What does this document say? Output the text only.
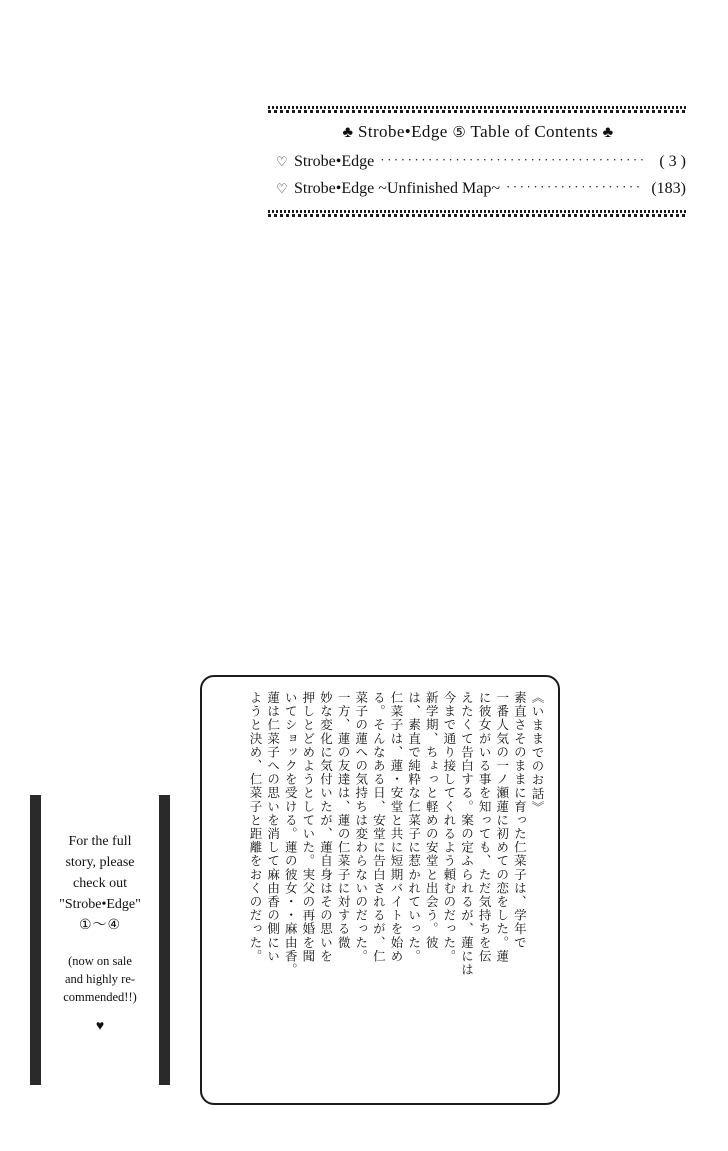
♣ Strobe•Edge ⑤ Table of Contents ♣
♡ Strobe•Edge ······································· ( 3 )
♡ Strobe•Edge ~Unfinished Map~ ···················· (183)
《いままでのお話》
素直さそのままに育った仁菜子は、学年で
一番人気の一ノ瀬蓮に初めての恋をした。蓮
に彼女がいる事を知っても、ただ気持ちを伝
えたくて告白する。案の定ふられるが、蓮には
今まで通り接してくれるよう頼むのだった。
新学期、ちょっと軽めの安堂と出会う。彼
は、素直で純粋な仁菜子に惹かれていった。
仁菜子は、蓮・安堂と共に短期バイトを始め
る。そんなある日、安堂に告白されるが、仁
菜子の蓮への気持ちは変わらないのだった。
一方、蓮の友達は、蓮の仁菜子に対する微
妙な変化に気付いたが、蓮自身はその思いを
押しとどめようとしていた。実父の再婚を聞
いてショックを受ける。蓮の彼女・・麻由香。
蓮は仁菜子への思いを消して麻由香の側にい
ようと決め、仁菜子と距離をおくのだった。
For the full
story, please
check out
"Strobe•Edge"
①〜④
(now on sale
and highly re-
commended!!)
♥
